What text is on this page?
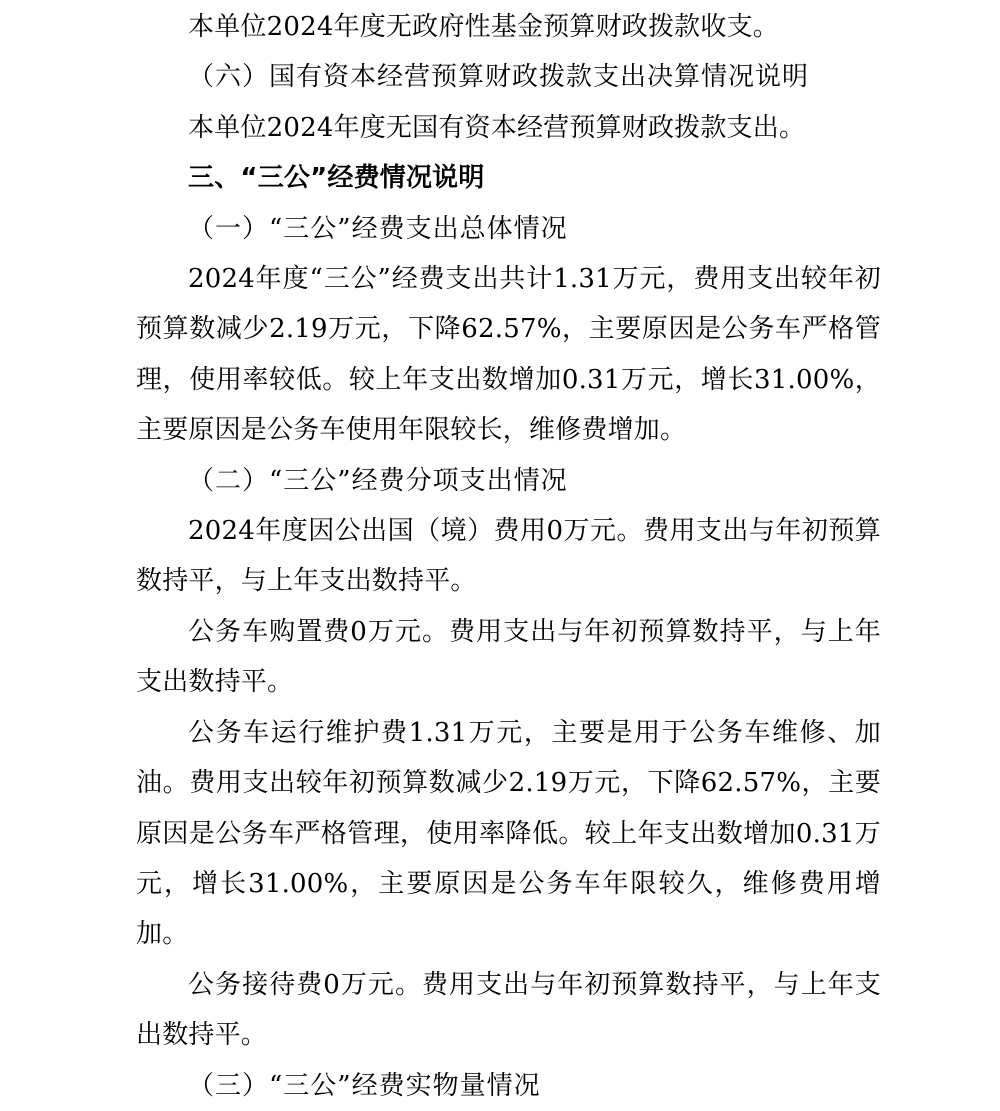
本单位2024年度无政府性基金预算财政拨款收支。

（六）国有资本经营预算财政拨款支出决算情况说明

本单位2024年度无国有资本经营预算财政拨款支出。

三、“三公”经费情况说明

（一）“三公”经费支出总体情况

2024年度“三公”经费支出共计1.31万元，费用支出较年初预算数减少2.19万元，下降62.57%，主要原因是公务车严格管理，使用率较低。较上年支出数增加0.31万元，增长31.00%，主要原因是公务车使用年限较长，维修费增加。

（二）“三公”经费分项支出情况

2024年度因公出国（境）费用0万元。费用支出与年初预算数持平，与上年支出数持平。

公务车购置费0万元。费用支出与年初预算数持平，与上年支出数持平。

公务车运行维护费1.31万元，主要是用于公务车维修、加油。费用支出较年初预算数减少2.19万元，下降62.57%，主要原因是公务车严格管理，使用率降低。较上年支出数增加0.31万元，增长31.00%，主要原因是公务车年限较久，维修费用增加。

公务接待费0万元。费用支出与年初预算数持平，与上年支出数持平。

（三）“三公”经费实物量情况
